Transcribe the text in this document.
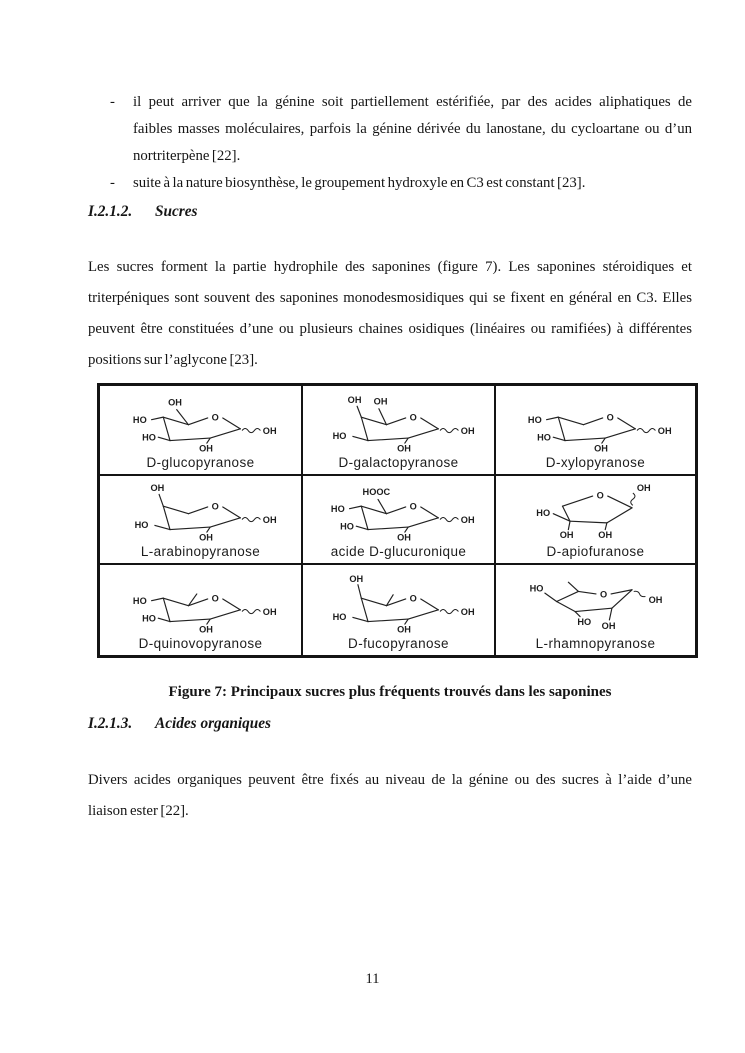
- il peut arriver que la génine soit partiellement estérifiée, par des acides aliphatiques de
faibles masses moléculaires, parfois la génine dérivée du lanostane, du cycloartane ou d’un
nortriterpène [22].
- suite à la nature biosynthèse, le groupement hydroxyle en C3 est constant [23].
I.2.1.2.	Sucres
Les sucres forment la partie hydrophile des saponines (figure 7). Les saponines stéroidiques et
triterpéniques sont souvent des saponines monodesmosidiques qui se fixent en général en C3. Elles
peuvent être constituées d’une ou plusieurs chaines osidiques (linéaires ou ramifiées) à différentes
positions sur l’aglycone [23].
OH
HO
HO
O
OH
OH
D-glucopyranose
OH OH
HO
O
OH
OH
D-galactopyranose
HO
HO
O
OH
OH
D-xylopyranose
OH
HO
O
OH
OH
L-arabinopyranose
HOOC
HO
HO
O
OH
OH
acide D-glucuronique
O
HO
OH OH
OH
D-apiofuranose
HO
HO
O
OH
OH
D-quinovopyranose
OH
HO
O
OH
OH
D-fucopyranose
HO
O
HO OH
OH
L-rhamnopyranose
Figure 7: Principaux sucres plus fréquents trouvés dans les saponines
I.2.1.3.	Acides organiques
Divers acides organiques peuvent être fixés au niveau de la génine ou des sucres à l’aide d’une
liaison ester [22].
11
